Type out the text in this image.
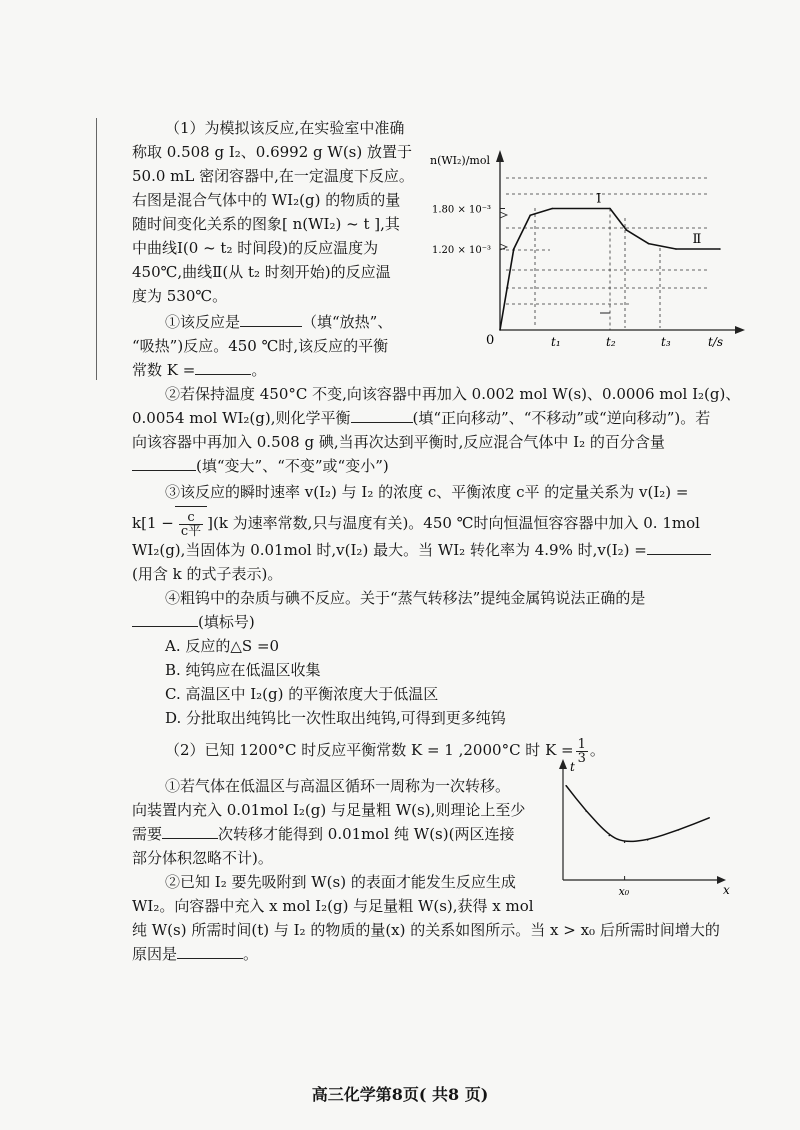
（1）为模拟该反应,在实验室中准确

称取 0.508 g I₂、0.6992 g W(s) 放置于

50.0 mL 密闭容器中,在一定温度下反应。

右图是混合气体中的 WI₂(g) 的物质的量

随时间变化关系的图象[ n(WI₂) ~ t ],其

中曲线Ⅰ(0 ~ t₂ 时间段)的反应温度为

450℃,曲线Ⅱ(从 t₂ 时刻开始)的反应温

度为 530℃。

①该反应是	（填“放热”、

“吸热”)反应。450 ℃时,该反应的平衡

常数 K =	。

n(WI₂)/mol
t/s
0
1.80 × 10⁻³
1.20 × 10⁻³
t₁	t₂	t₃
Ⅰ
Ⅱ

②若保持温度 450°C 不变,向该容器中再加入 0.002 mol W(s)、0.0006 mol I₂(g)、

0.0054 mol WI₂(g),则化学平衡	(填“正向移动”、“不移动”或“逆向移动”)。若

向该容器中再加入 0.508 g 碘,当再次达到平衡时,反应混合气体中 I₂ 的百分含量

(填“变大”、“不变”或“变小”)

③该反应的瞬时速率 v(I₂) 与 I₂ 的浓度 c、平衡浓度 c平 的定量关系为 v(I₂) =

$k[1 - \frac{c}{\text{c平}} ](k$ 为速率常数,只与温度有关)。450 ℃时向恒温恒容容器中加入 0. 1mol

WI₂(g),当固体为 0.01mol 时,v(I₂) 最大。当 WI₂ 转化率为 4.9% 时,v(I₂) =

(用含 k 的式子表示)。

④粗钨中的杂质与碘不反应。关于“蒸气转移法”提纯金属钨说法正确的是

(填标号)

A. 反应的△S =0

B. 纯钨应在低温区收集

C. 高温区中 I₂(g) 的平衡浓度大于低温区

D. 分批取出纯钨比一次性取出纯钨,可得到更多纯钨

（2）已知 1200°C 时反应平衡常数 K = 1 ,2000°C 时 $K = \frac{1}{3}$ 。

①若气体在低温区与高温区循环一周称为一次转移。

向装置内充入 0.01mol I₂(g) 与足量粗 W(s),则理论上至少

需要	次转移才能得到 0.01mol 纯 W(s)(两区连接

部分体积忽略不计)。

②已知 I₂ 要先吸附到 W(s) 的表面才能发生反应生成

WI₂。向容器中充入 x mol I₂(g) 与足量粗 W(s),获得 x mol

纯 W(s) 所需时间(t) 与 I₂ 的物质的量(x) 的关系如图所示。当 x > x₀ 后所需时间增大的

原因是	。

t
x
x₀
高三化学第8页( 共8 页)
